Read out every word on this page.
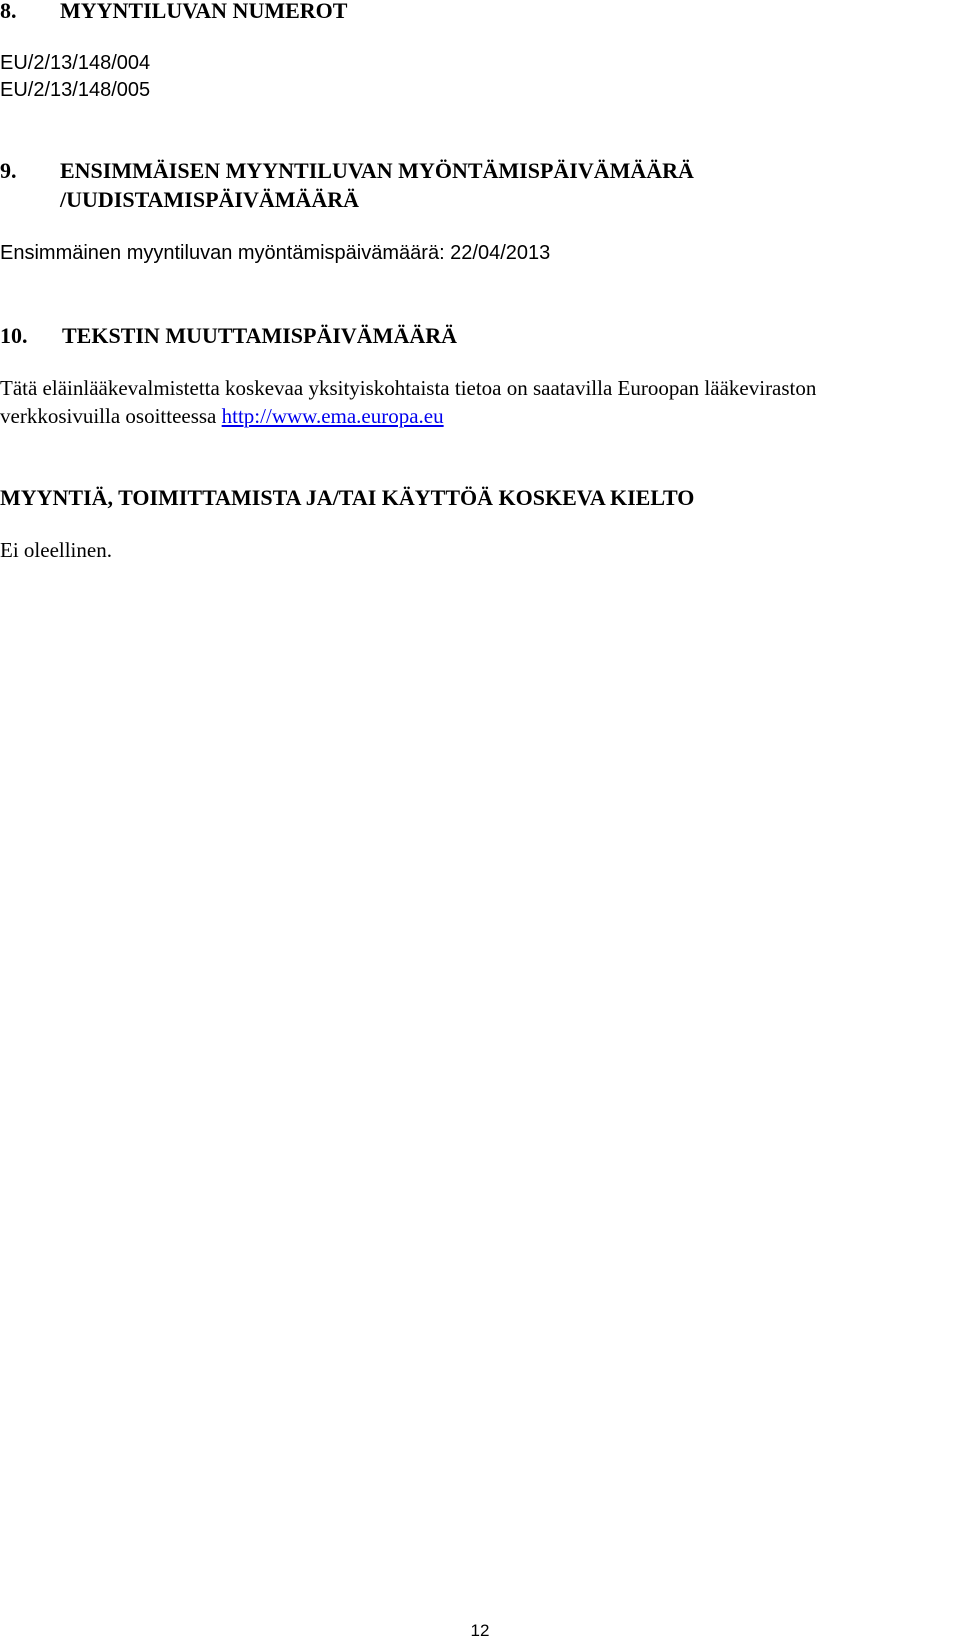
8. MYYNTILUVAN NUMEROT
EU/2/13/148/004
EU/2/13/148/005
9. ENSIMMÄISEN MYYNTILUVAN MYÖNTÄMISPÄIVÄMÄÄRÄ
/UUDISTAMISPÄIVÄMÄÄRÄ
Ensimmäinen myyntiluvan myöntämispäivämäärä: 22/04/2013
10. TEKSTIN MUUTTAMISPÄIVÄMÄÄRÄ
Tätä eläinlääkevalmistetta koskevaa yksityiskohtaista tietoa on saatavilla Euroopan lääkeviraston
verkkosivuilla osoitteessa http://www.ema.europa.eu
MYYNTIÄ, TOIMITTAMISTA JA/TAI KÄYTTÖÄ KOSKEVA KIELTO
Ei oleellinen.
12
